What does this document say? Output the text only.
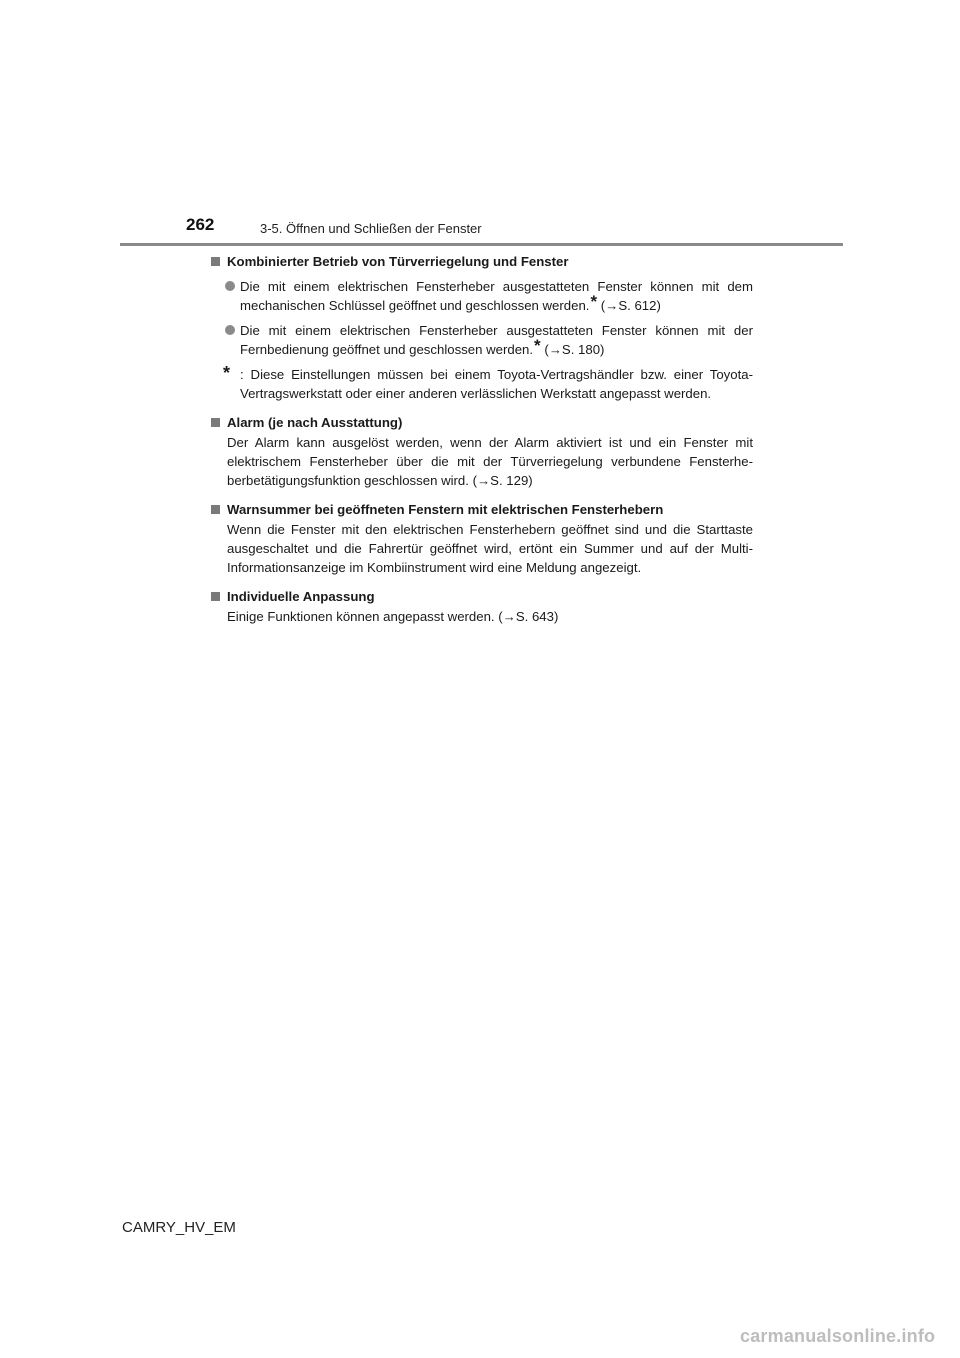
262	3-5. Öffnen und Schließen der Fenster
Kombinierter Betrieb von Türverriegelung und Fenster
Die mit einem elektrischen Fensterheber ausgestatteten Fenster können mit dem mechanischen Schlüssel geöffnet und geschlossen werden.* (→S. 612)
Die mit einem elektrischen Fensterheber ausgestatteten Fenster können mit der Fernbedienung geöffnet und geschlossen werden.* (→S. 180)
* : Diese Einstellungen müssen bei einem Toyota-Vertragshändler bzw. einer Toyota-Vertragswerkstatt oder einer anderen verlässlichen Werkstatt angepasst werden.
Alarm (je nach Ausstattung)
Der Alarm kann ausgelöst werden, wenn der Alarm aktiviert ist und ein Fenster mit elektrischem Fensterheber über die mit der Türverriegelung verbundene Fensterhe-berbetätigungsfunktion geschlossen wird. (→S. 129)
Warnsummer bei geöffneten Fenstern mit elektrischen Fensterhebern
Wenn die Fenster mit den elektrischen Fensterhebern geöffnet sind und die Starttaste ausgeschaltet und die Fahrertür geöffnet wird, ertönt ein Summer und auf der Multi-Informationsanzeige im Kombiinstrument wird eine Meldung angezeigt.
Individuelle Anpassung
Einige Funktionen können angepasst werden. (→S. 643)
CAMRY_HV_EM
carmanualsonline.info
